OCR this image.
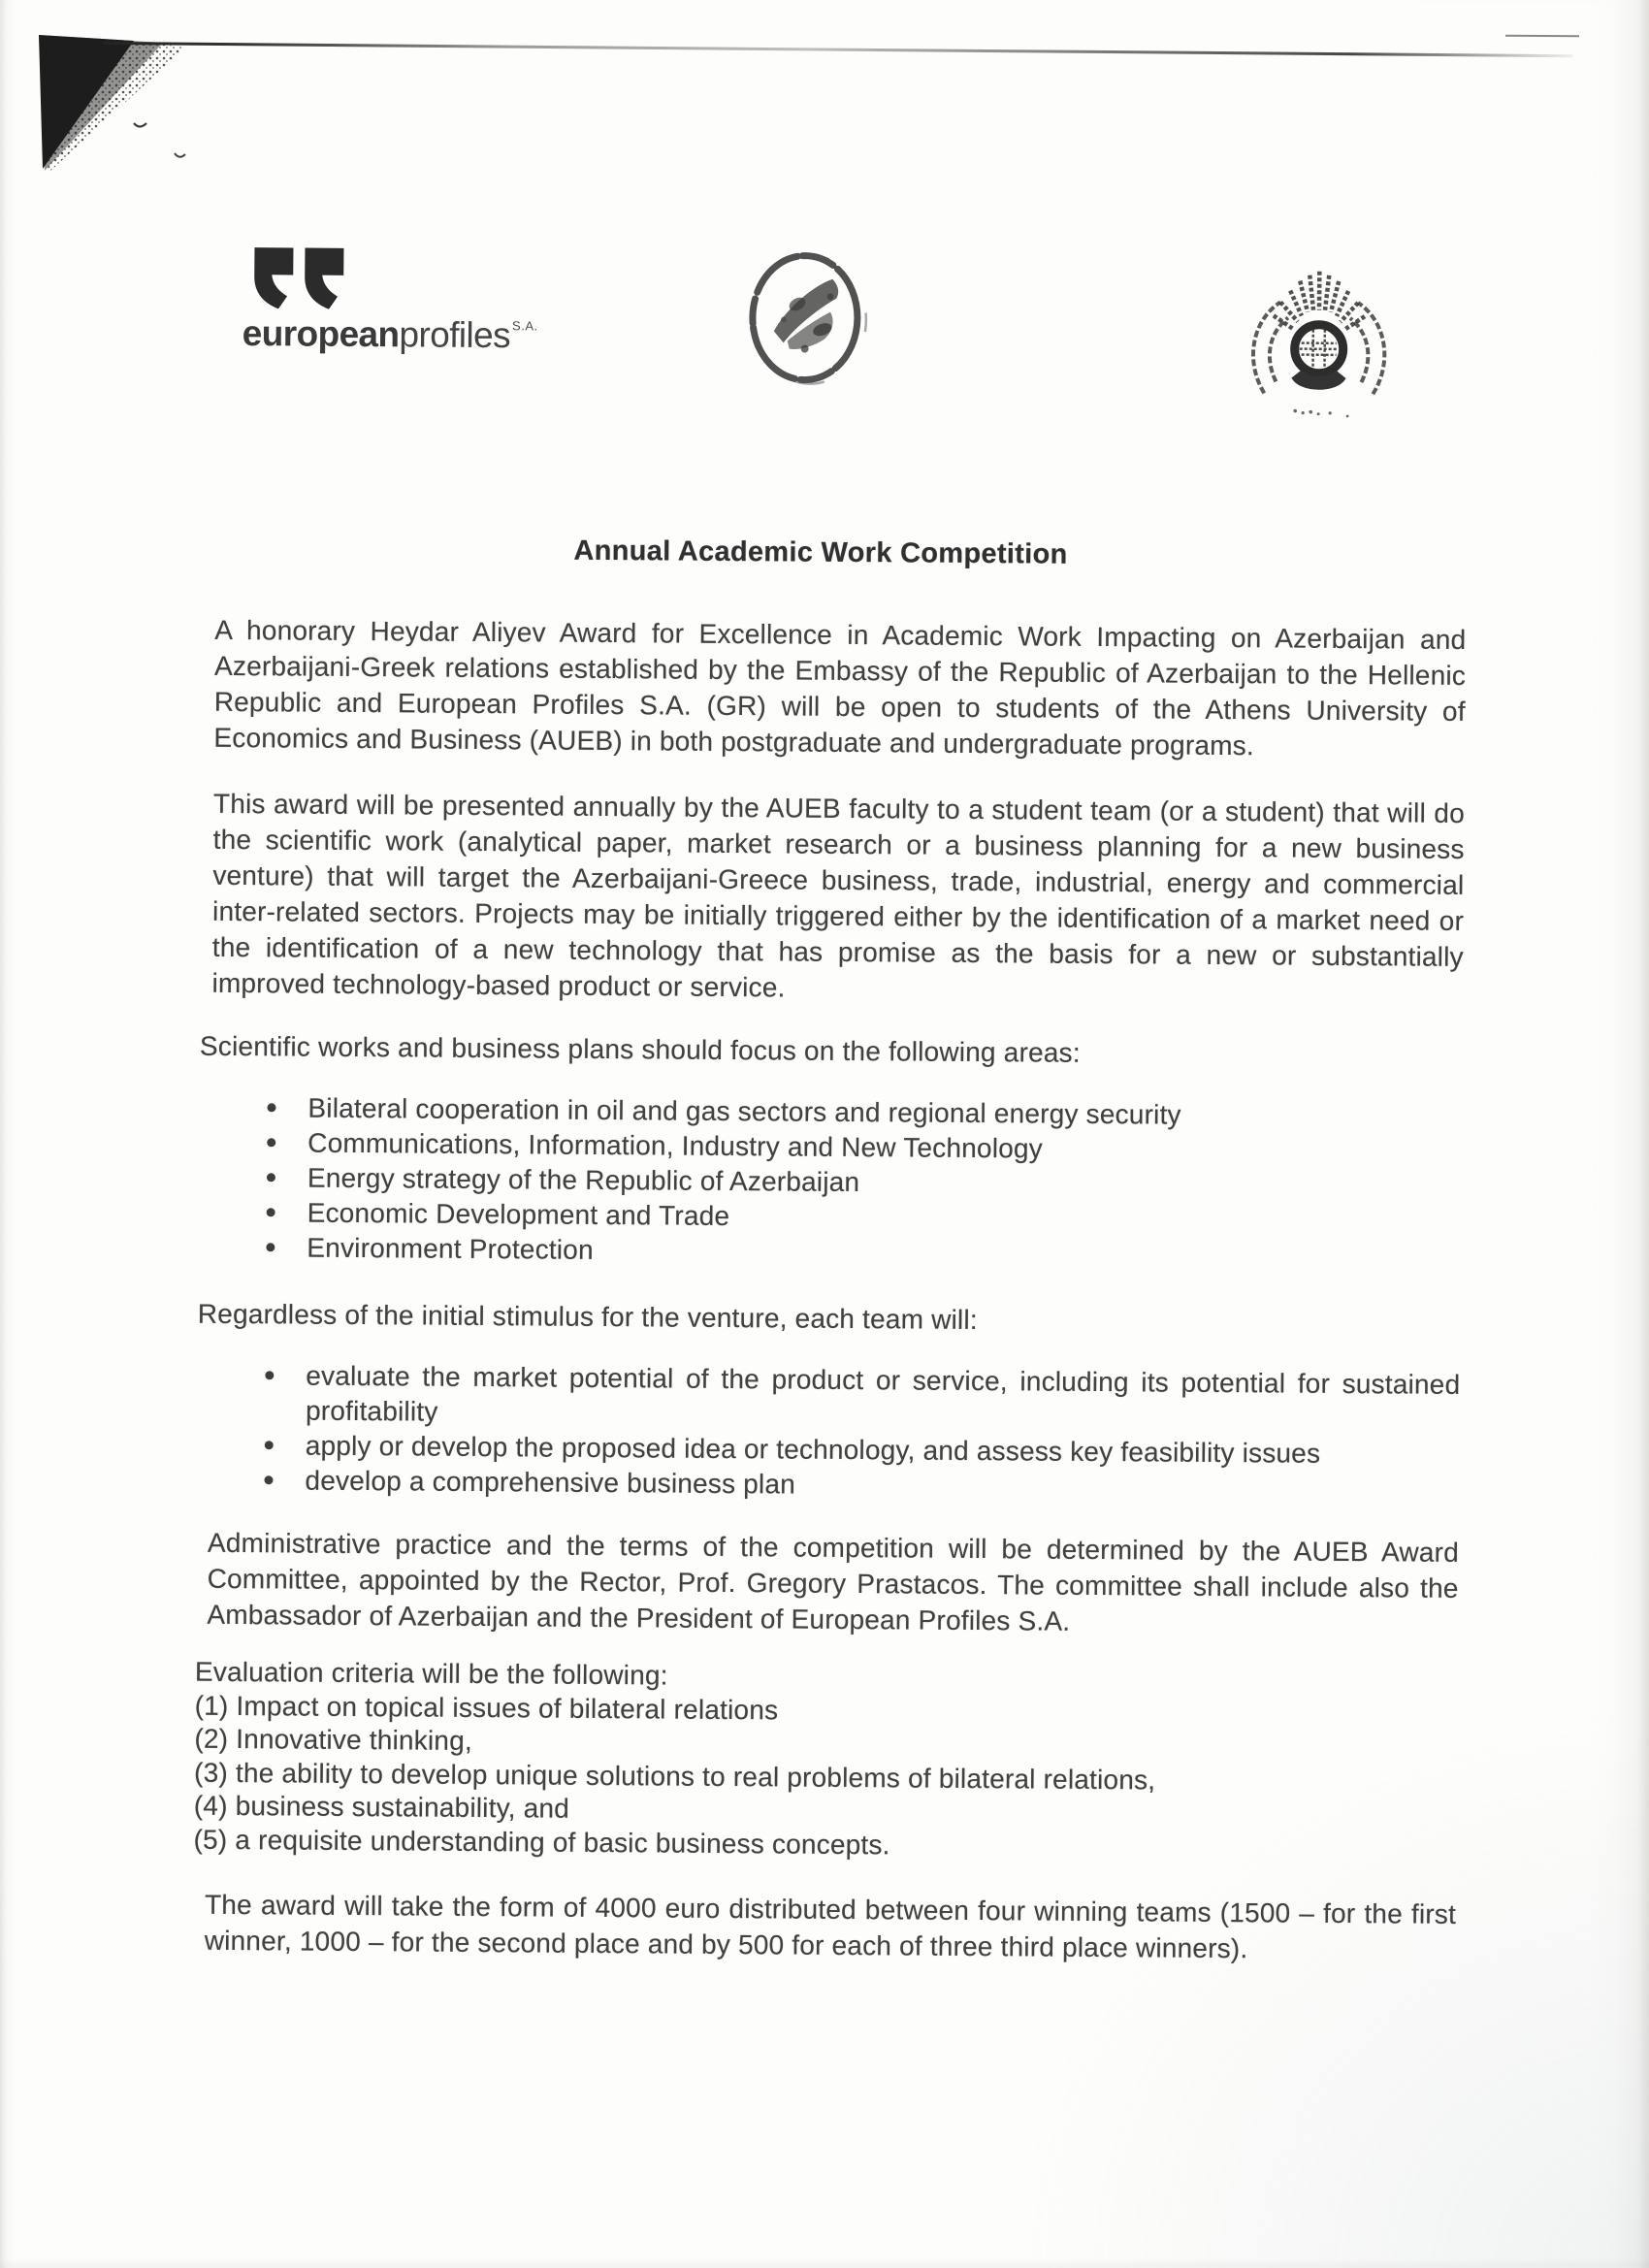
europeanprofiles $^{S.A.}$
Annual Academic Work Competition

A honorary Heydar Aliyev Award for Excellence in Academic Work Impacting on Azerbaijan and Azerbaijani-Greek relations established by the Embassy of the Republic of Azerbaijan to the Hellenic Republic and European Profiles S.A. (GR) will be open to students of the Athens University of Economics and Business (AUEB) in both postgraduate and undergraduate programs.

This award will be presented annually by the AUEB faculty to a student team (or a student) that will do the scientific work (analytical paper, market research or a business planning for a new business venture) that will target the Azerbaijani-Greece business, trade, industrial, energy and commercial inter-related sectors. Projects may be initially triggered either by the identification of a market need or the identification of a new technology that has promise as the basis for a new or substantially improved technology-based product or service.

Scientific works and business plans should focus on the following areas:

Bilateral cooperation in oil and gas sectors and regional energy security
Communications, Information, Industry and New Technology
Energy strategy of the Republic of Azerbaijan
Economic Development and Trade
Environment Protection

Regardless of the initial stimulus for the venture, each team will:

evaluate the market potential of the product or service, including its potential for sustained profitability
apply or develop the proposed idea or technology, and assess key feasibility issues
develop a comprehensive business plan

Administrative practice and the terms of the competition will be determined by the AUEB Award Committee, appointed by the Rector, Prof. Gregory Prastacos. The committee shall include also the Ambassador of Azerbaijan and the President of European Profiles S.A.

Evaluation criteria will be the following:
(1) Impact on topical issues of bilateral relations
(2) Innovative thinking,
(3) the ability to develop unique solutions to real problems of bilateral relations,
(4) business sustainability, and
(5) a requisite understanding of basic business concepts.

The award will take the form of 4000 euro distributed between four winning teams (1500 – for the first winner, 1000 – for the second place and by 500 for each of three third place winners).
